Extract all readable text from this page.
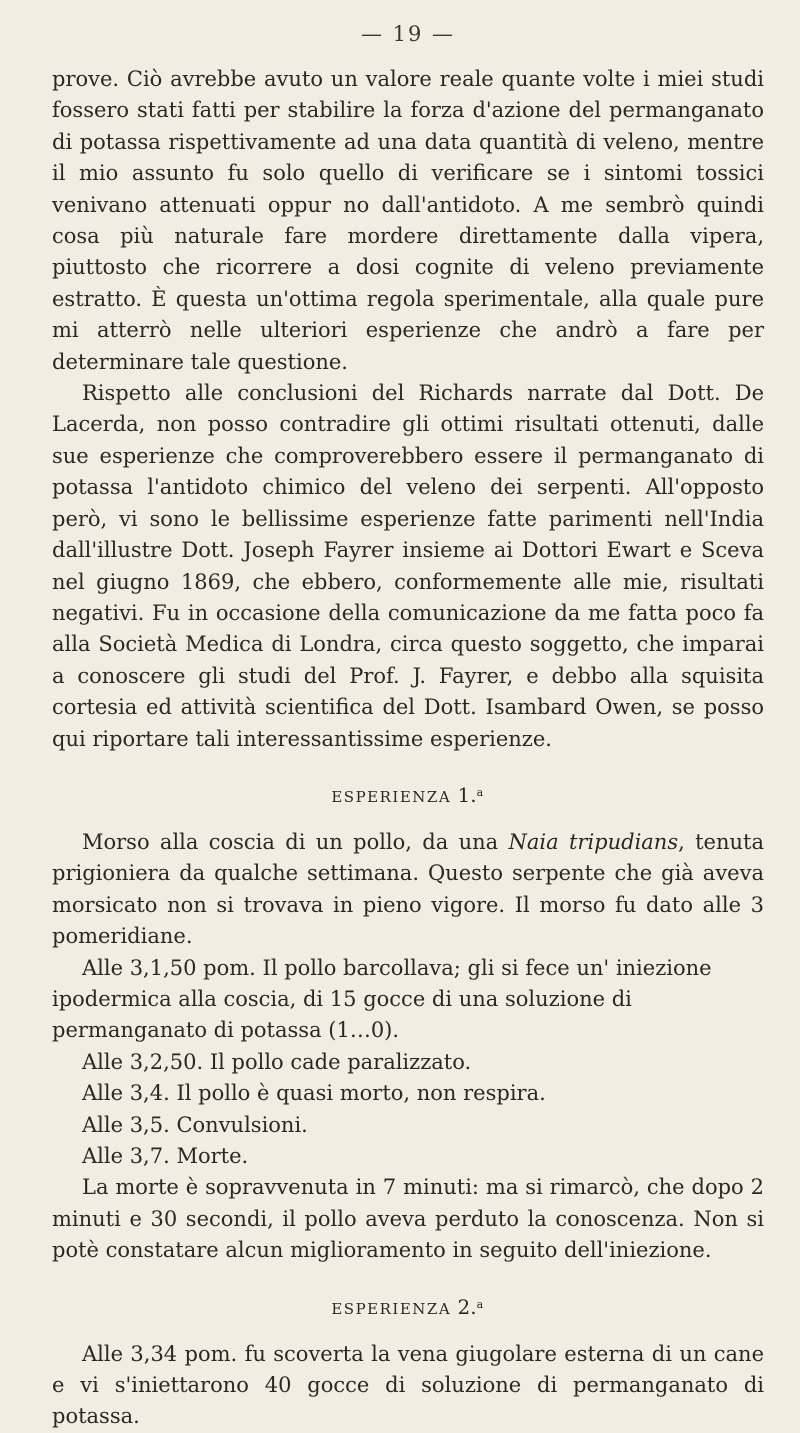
— 19 —

prove. Ciò avrebbe avuto un valore reale quante volte i miei studi fossero stati fatti per stabilire la forza d'azione del permanganato di potassa rispettivamente ad una data quantità di veleno, mentre il mio assunto fu solo quello di verificare se i sintomi tossici venivano attenuati oppur no dall'antidoto. A me sembrò quindi cosa più naturale fare mordere direttamente dalla vipera, piuttosto che ricorrere a dosi cognite di veleno previamente estratto. È questa un'ottima regola sperimentale, alla quale pure mi atterrò nelle ulteriori esperienze che andrò a fare per determinare tale questione.

Rispetto alle conclusioni del Richards narrate dal Dott. De Lacerda, non posso contradire gli ottimi risultati ottenuti, dalle sue esperienze che comproverebbero essere il permanganato di potassa l'antidoto chimico del veleno dei serpenti. All'opposto però, vi sono le bellissime esperienze fatte parimenti nell'India dall'illustre Dott. Joseph Fayrer insieme ai Dottori Ewart e Sceva nel giugno 1869, che ebbero, conformemente alle mie, risultati negativi. Fu in occasione della comunicazione da me fatta poco fa alla Società Medica di Londra, circa questo soggetto, che imparai a conoscere gli studi del Prof. J. Fayrer, e debbo alla squisita cortesia ed attività scientifica del Dott. Isambard Owen, se posso qui riportare tali interessantissime esperienze.

ESPERIENZA 1.$^a$

Morso alla coscia di un pollo, da una Naia tripudians, tenuta prigioniera da qualche settimana. Questo serpente che già aveva morsicato non si trovava in pieno vigore. Il morso fu dato alle 3 pomeridiane.

Alle 3,1,50 pom. Il pollo barcollava; gli si fece un' iniezione ipodermica alla coscia, di 15 gocce di una soluzione di permanganato di potassa (1…0).

Alle 3,2,50. Il pollo cade paralizzato.

Alle 3,4. Il pollo è quasi morto, non respira.

Alle 3,5. Convulsioni.

Alle 3,7. Morte.

La morte è sopravvenuta in 7 minuti: ma si rimarcò, che dopo 2 minuti e 30 secondi, il pollo aveva perduto la conoscenza. Non si potè constatare alcun miglioramento in seguito dell'iniezione.

ESPERIENZA 2.$^a$

Alle 3,34 pom. fu scoverta la vena giugolare esterna di un cane e vi s'iniettarono 40 gocce di soluzione di permanganato di potassa.
